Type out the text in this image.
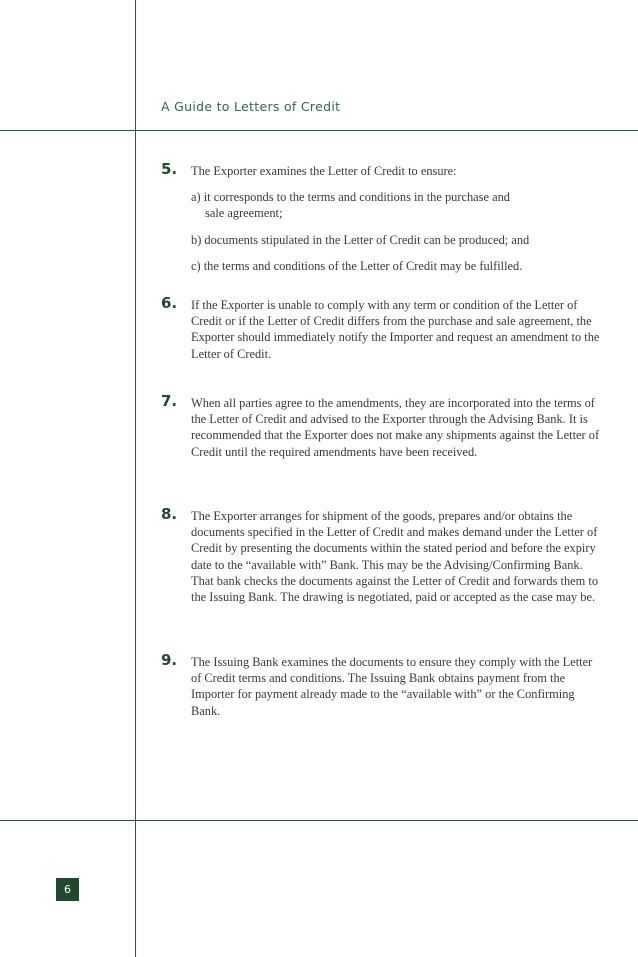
A Guide to Letters of Credit
5. The Exporter examines the Letter of Credit to ensure:

a) it corresponds to the terms and conditions in the purchase and
sale agreement;
b) documents stipulated in the Letter of Credit can be produced; and
c) the terms and conditions of the Letter of Credit may be fulfilled.
6. If the Exporter is unable to comply with any term or condition of the Letter of Credit or if the Letter of Credit differs from the purchase and sale agreement, the Exporter should immediately notify the Importer and request an amendment to the Letter of Credit.

7. When all parties agree to the amendments, they are incorporated into the terms of the Letter of Credit and advised to the Exporter through the Advising Bank. It is recommended that the Exporter does not make any shipments against the Letter of Credit until the required amendments have been received.

8. The Exporter arranges for shipment of the goods, prepares and/or obtains the documents specified in the Letter of Credit and makes demand under the Letter of Credit by presenting the documents within the stated period and before the expiry date to the “available with” Bank. This may be the Advising/Confirming Bank. That bank checks the documents against the Letter of Credit and forwards them to the Issuing Bank. The drawing is negotiated, paid or accepted as the case may be.

9. The Issuing Bank examines the documents to ensure they comply with the Letter of Credit terms and conditions. The Issuing Bank obtains payment from the Importer for payment already made to the “available with” or the Confirming Bank.

6
